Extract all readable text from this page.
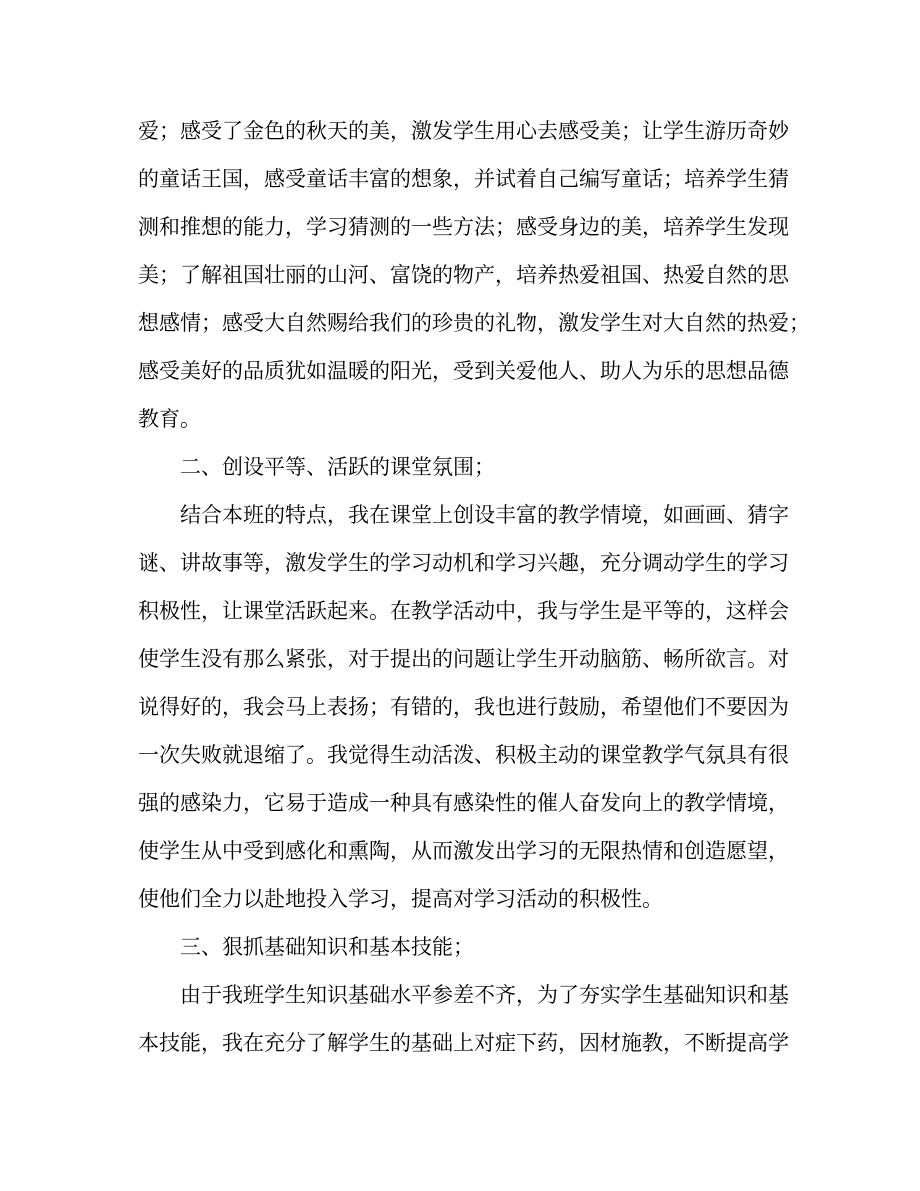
爱；感受了金色的秋天的美，激发学生用心去感受美；让学生游历奇妙
的童话王国，感受童话丰富的想象，并试着自己编写童话；培养学生猜
测和推想的能力，学习猜测的一些方法；感受身边的美，培养学生发现
美；了解祖国壮丽的山河、富饶的物产，培养热爱祖国、热爱自然的思
想感情；感受大自然赐给我们的珍贵的礼物，激发学生对大自然的热爱；
感受美好的品质犹如温暖的阳光，受到关爱他人、助人为乐的思想品德
教育。
二、创设平等、活跃的课堂氛围；
结合本班的特点，我在课堂上创设丰富的教学情境，如画画、猜字
谜、讲故事等，激发学生的学习动机和学习兴趣，充分调动学生的学习
积极性，让课堂活跃起来。在教学活动中，我与学生是平等的，这样会
使学生没有那么紧张，对于提出的问题让学生开动脑筋、畅所欲言。对
说得好的，我会马上表扬；有错的，我也进行鼓励，希望他们不要因为
一次失败就退缩了。我觉得生动活泼、积极主动的课堂教学气氛具有很
强的感染力，它易于造成一种具有感染性的催人奋发向上的教学情境，
使学生从中受到感化和熏陶，从而激发出学习的无限热情和创造愿望，
使他们全力以赴地投入学习，提高对学习活动的积极性。
三、狠抓基础知识和基本技能；
由于我班学生知识基础水平参差不齐，为了夯实学生基础知识和基
本技能，我在充分了解学生的基础上对症下药，因材施教，不断提高学
